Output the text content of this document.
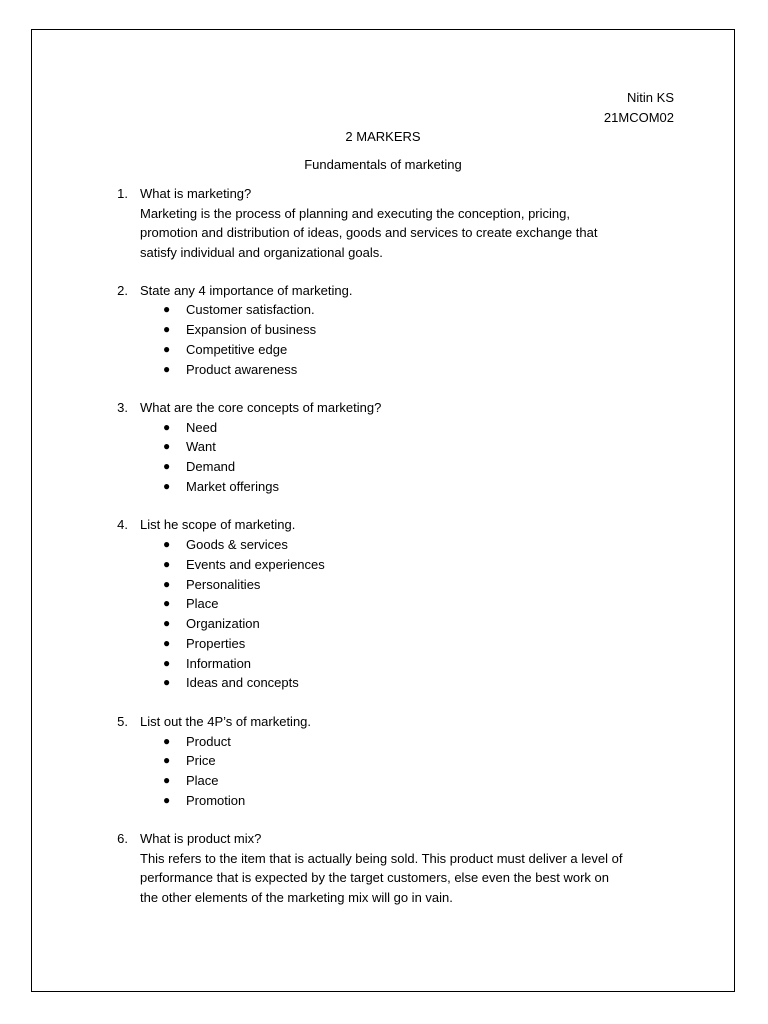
Nitin KS
21MCOM02
2 MARKERS
Fundamentals of marketing
1. What is marketing?
Marketing is the process of planning and executing the conception, pricing,
promotion and distribution of ideas, goods and services to create exchange that
satisfy individual and organizational goals.
2. State any 4 importance of marketing.
● Customer satisfaction.
● Expansion of business
● Competitive edge
● Product awareness
3. What are the core concepts of marketing?
● Need
● Want
● Demand
● Market offerings
4. List he scope of marketing.
● Goods & services
● Events and experiences
● Personalities
● Place
● Organization
● Properties
● Information
● Ideas and concepts
5. List out the 4P’s of marketing.
● Product
● Price
● Place
● Promotion
6. What is product mix?
This refers to the item that is actually being sold. This product must deliver a level of
performance that is expected by the target customers, else even the best work on
the other elements of the marketing mix will go in vain.
